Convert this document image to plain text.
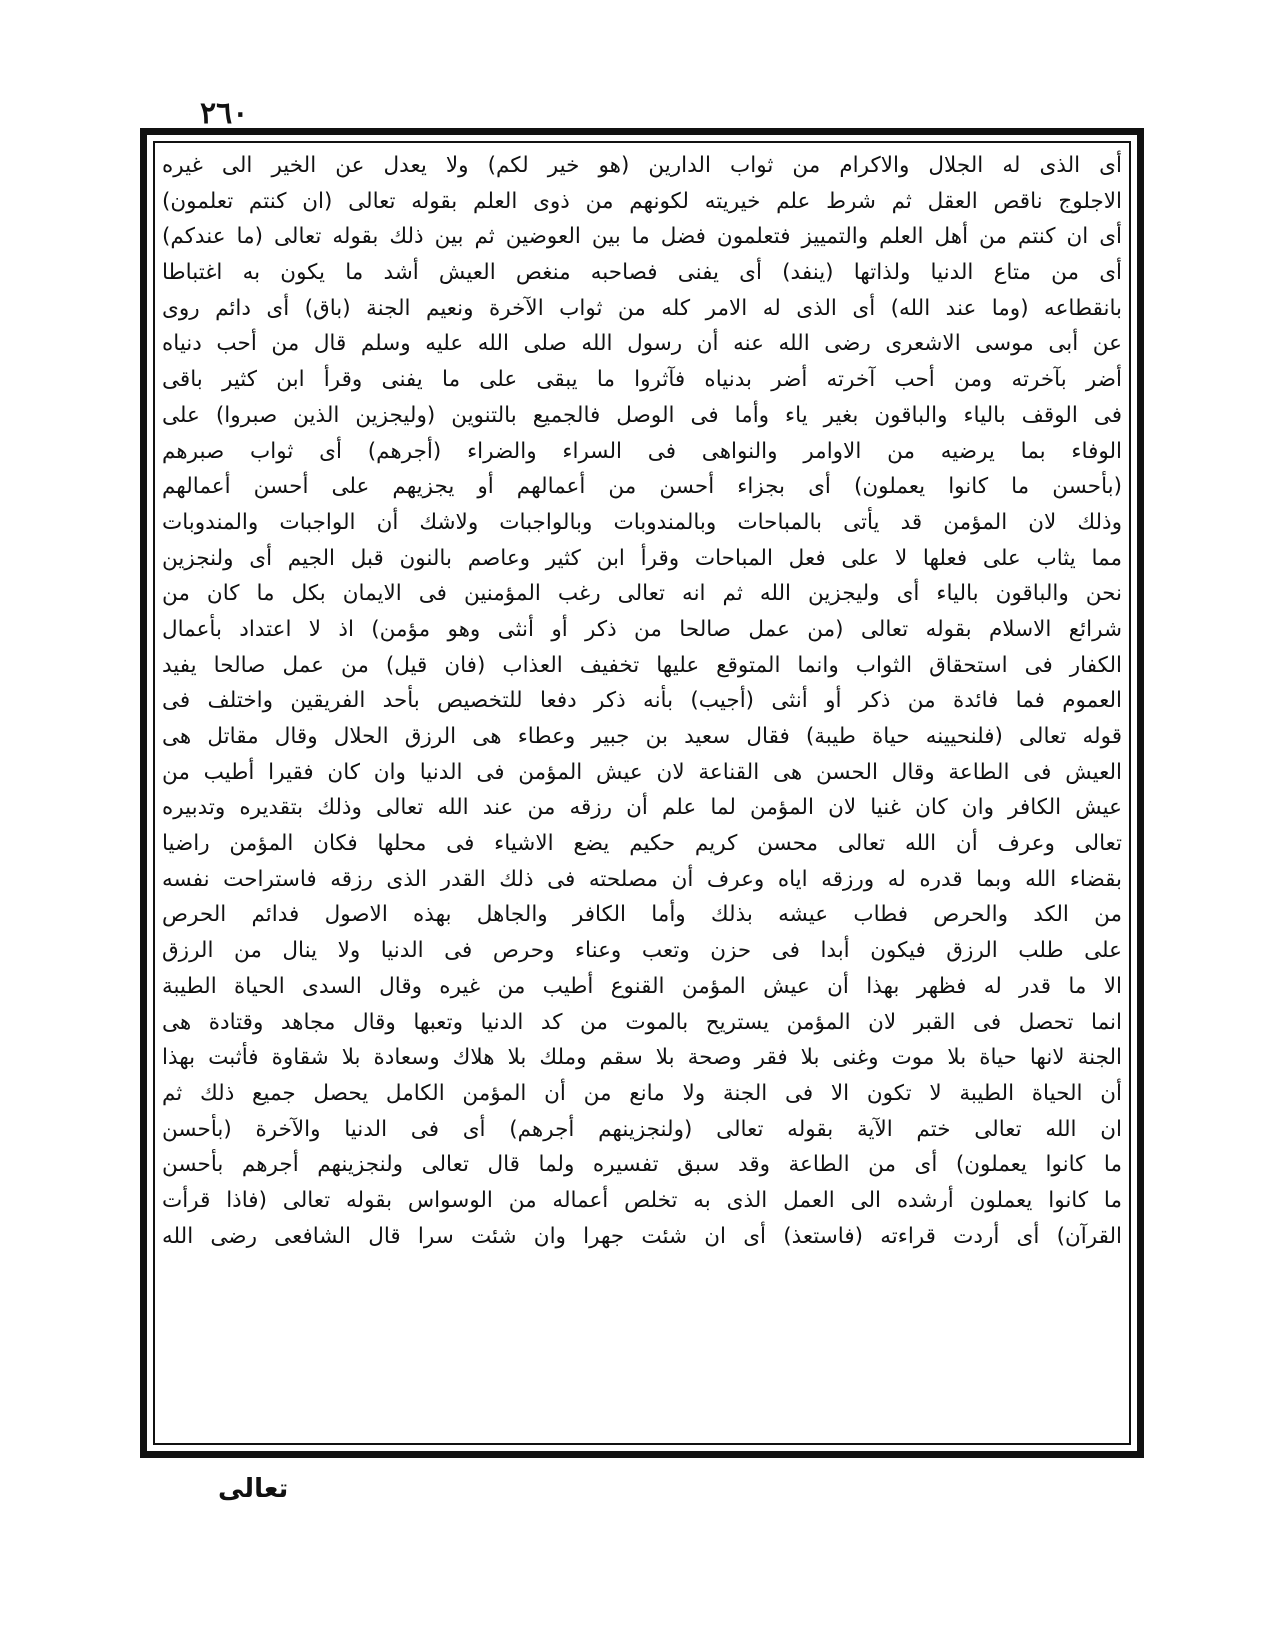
٢٦٠
أى الذى له الجلال والاكرام من ثواب الدارين (هو خير لكم) ولا يعدل عن الخير الى غيره
الاجلوج ناقص العقل ثم شرط علم خيريته لكونهم من ذوى العلم بقوله تعالى (ان كنتم تعلمون)
أى ان كنتم من أهل العلم والتمييز فتعلمون فضل ما بين العوضين ثم بين ذلك بقوله تعالى (ما عندكم)
أى من متاع الدنيا ولذاتها (ينفد) أى يفنى فصاحبه منغص العيش أشد ما يكون به اغتباطا
بانقطاعه (وما عند الله) أى الذى له الامر كله من ثواب الآخرة ونعيم الجنة (باق) أى دائم روى
عن أبى موسى الاشعرى رضى الله عنه أن رسول الله صلى الله عليه وسلم قال من أحب دنياه
أضر بآخرته ومن أحب آخرته أضر بدنياه فآثروا ما يبقى على ما يفنى وقرأ ابن كثير باقى
فى الوقف بالياء والباقون بغير ياء وأما فى الوصل فالجميع بالتنوين (وليجزين الذين صبروا) على
الوفاء بما يرضيه من الاوامر والنواهى فى السراء والضراء (أجرهم) أى ثواب صبرهم
(بأحسن ما كانوا يعملون) أى بجزاء أحسن من أعمالهم أو يجزيهم على أحسن أعمالهم
وذلك لان المؤمن قد يأتى بالمباحات وبالمندوبات وبالواجبات ولاشك أن الواجبات والمندوبات
مما يثاب على فعلها لا على فعل المباحات وقرأ ابن كثير وعاصم بالنون قبل الجيم أى ولنجزين
نحن والباقون بالياء أى وليجزين الله ثم انه تعالى رغب المؤمنين فى الايمان بكل ما كان من
شرائع الاسلام بقوله تعالى (من عمل صالحا من ذكر أو أنثى وهو مؤمن) اذ لا اعتداد بأعمال
الكفار فى استحقاق الثواب وانما المتوقع عليها تخفيف العذاب (فان قيل) من عمل صالحا يفيد
العموم فما فائدة من ذكر أو أنثى (أجيب) بأنه ذكر دفعا للتخصيص بأحد الفريقين واختلف فى
قوله تعالى (فلنحيينه حياة طيبة) فقال سعيد بن جبير وعطاء هى الرزق الحلال وقال مقاتل هى
العيش فى الطاعة وقال الحسن هى القناعة لان عيش المؤمن فى الدنيا وان كان فقيرا أطيب من
عيش الكافر وان كان غنيا لان المؤمن لما علم أن رزقه من عند الله تعالى وذلك بتقديره وتدبيره
تعالى وعرف أن الله تعالى محسن كريم حكيم يضع الاشياء فى محلها فكان المؤمن راضيا
بقضاء الله وبما قدره له ورزقه اياه وعرف أن مصلحته فى ذلك القدر الذى رزقه فاستراحت نفسه
من الكد والحرص فطاب عيشه بذلك وأما الكافر والجاهل بهذه الاصول فدائم الحرص
على طلب الرزق فيكون أبدا فى حزن وتعب وعناء وحرص فى الدنيا ولا ينال من الرزق
الا ما قدر له فظهر بهذا أن عيش المؤمن القنوع أطيب من غيره وقال السدى الحياة الطيبة
انما تحصل فى القبر لان المؤمن يستريح بالموت من كد الدنيا وتعبها وقال مجاهد وقتادة هى
الجنة لانها حياة بلا موت وغنى بلا فقر وصحة بلا سقم وملك بلا هلاك وسعادة بلا شقاوة فأثبت بهذا
أن الحياة الطيبة لا تكون الا فى الجنة ولا مانع من أن المؤمن الكامل يحصل جميع ذلك ثم
ان الله تعالى ختم الآية بقوله تعالى (ولنجزينهم أجرهم) أى فى الدنيا والآخرة (بأحسن
ما كانوا يعملون) أى من الطاعة وقد سبق تفسيره ولما قال تعالى ولنجزينهم أجرهم بأحسن
ما كانوا يعملون أرشده الى العمل الذى به تخلص أعماله من الوسواس بقوله تعالى (فاذا قرأت
القرآن) أى أردت قراءته (فاستعذ) أى ان شئت جهرا وان شئت سرا قال الشافعى رضى الله
تعالى
